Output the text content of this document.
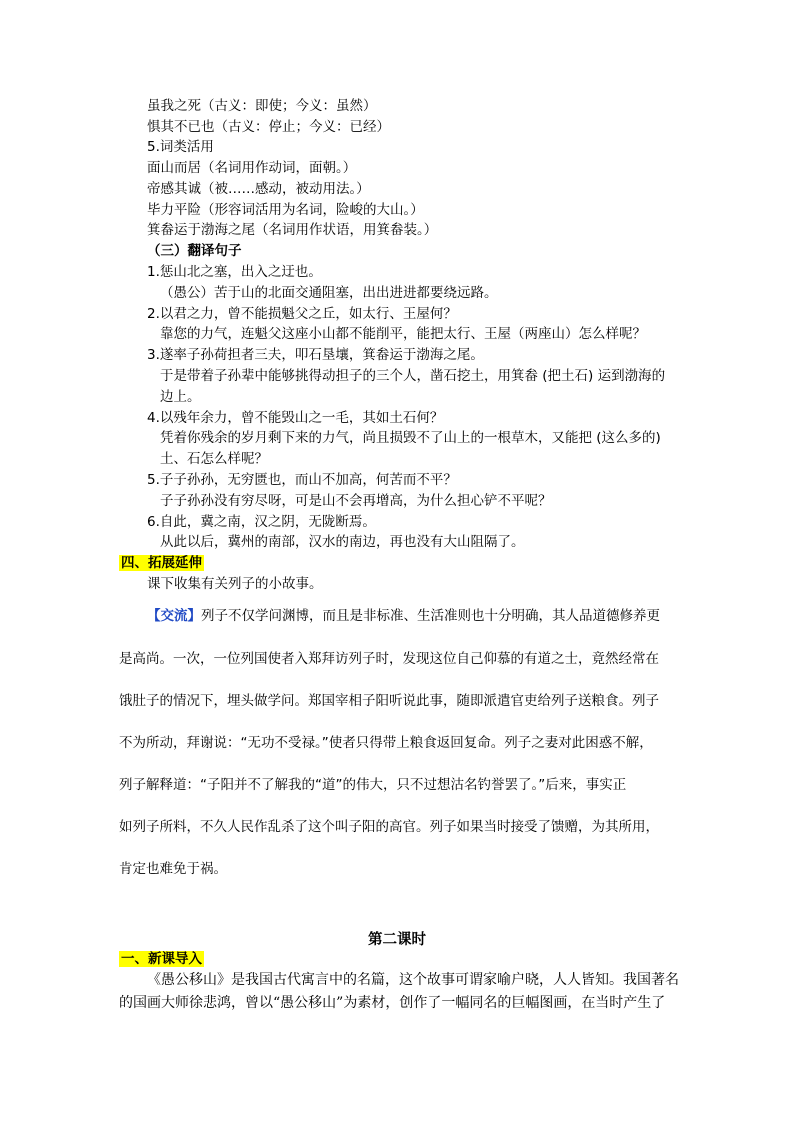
虽我之死（古义：即使；今义：虽然）
惧其不已也（古义：停止；今义：已经）
5.词类活用
面山而居（名词用作动词，面朝。）
帝感其诚（被……感动，被动用法。）
毕力平险（形容词活用为名词，险峻的大山。）
箕畚运于渤海之尾（名词用作状语，用箕畚装。）
（三）翻译句子
1.惩山北之塞，出入之迂也。
（愚公）苦于山的北面交通阻塞，出出进进都要绕远路。
2.以君之力，曾不能损魁父之丘，如太行、王屋何？
靠您的力气，连魁父这座小山都不能削平，能把太行、王屋（两座山）怎么样呢？
3.遂率子孙荷担者三夫，叩石垦壤，箕畚运于渤海之尾。
于是带着子孙辈中能够挑得动担子的三个人，凿石挖土，用箕畚 (把土石) 运到渤海的
边上。
4.以残年余力，曾不能毁山之一毛，其如土石何？
凭着你残余的岁月剩下来的力气，尚且损毁不了山上的一根草木，又能把 (这么多的)
土、石怎么样呢？
5.子子孙孙，无穷匮也，而山不加高，何苦而不平？
子子孙孙没有穷尽呀，可是山不会再增高，为什么担心铲不平呢？
6.自此，冀之南，汉之阴，无陇断焉。
从此以后，冀州的南部，汉水的南边，再也没有大山阻隔了。
四、拓展延伸
课下收集有关列子的小故事。
【交流】列子不仅学问渊博，而且是非标准、生活准则也十分明确，其人品道德修养更
是高尚。一次，一位列国使者入郑拜访列子时，发现这位自己仰慕的有道之士，竟然经常在
饿肚子的情况下，埋头做学问。郑国宰相子阳听说此事，随即派遣官吏给列子送粮食。列子
不为所动，拜谢说：“无功不受禄。”使者只得带上粮食返回复命。列子之妻对此困惑不解，
列子解释道：“子阳并不了解我的“道”的伟大，只不过想沽名钓誉罢了。”后来，事实正
如列子所料，不久人民作乱杀了这个叫子阳的高官。列子如果当时接受了馈赠，为其所用，
肯定也难免于祸。
第二课时
一、新课导入
《愚公移山》是我国古代寓言中的名篇，这个故事可谓家喻户晓，人人皆知。我国著名
的国画大师徐悲鸿，曾以“愚公移山”为素材，创作了一幅同名的巨幅图画，在当时产生了
